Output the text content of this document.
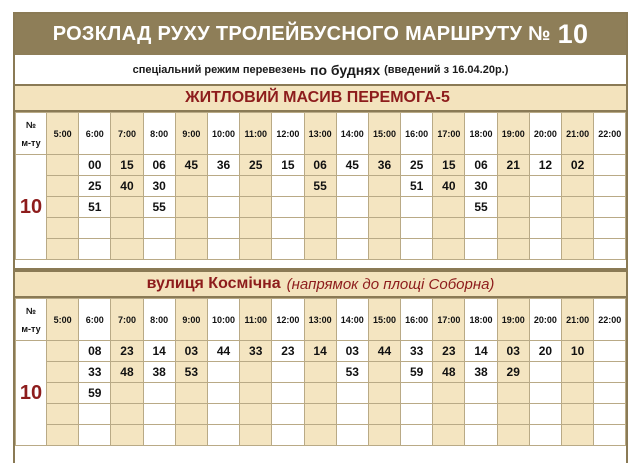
РОЗКЛАД РУХУ ТРОЛЕЙБУСНОГО МАРШРУТУ № 10
спеціальний режим перевезень по буднях (введений з 16.04.20р.)
ЖИТЛОВИЙ МАСИВ ПЕРЕМОГА-5
№
м-ту	5:00	6:00	7:00	8:00	9:00	10:00	11:00	12:00	13:00	14:00	15:00	16:00	17:00	18:00	19:00	20:00	21:00	22:00
10		00	15	06	45	36	25	15	06	45	36	25	15	06	21	12	02	
		25	40	30					55			51	40	30				
		51		55										55				

вулиця Космічна (напрямок до площі Соборна)
№
м-ту	5:00	6:00	7:00	8:00	9:00	10:00	11:00	12:00	13:00	14:00	15:00	16:00	17:00	18:00	19:00	20:00	21:00	22:00
10		08	23	14	03	44	33	23	14	03	44	33	23	14	03	20	10	
		33	48	38	53					53		59	48	38	29			
		59																
